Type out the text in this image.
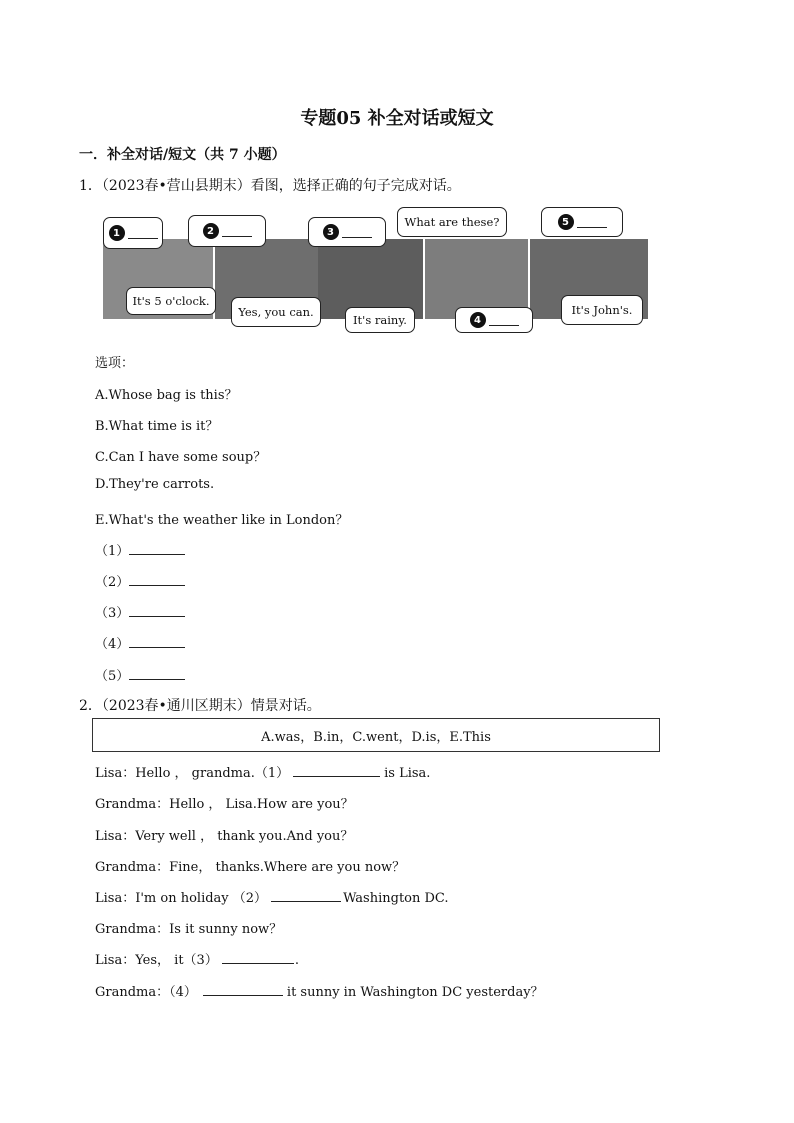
专题05 补全对话或短文
一．补全对话/短文（共 7 小题）
1．（2023春•营山县期末）看图，选择正确的句子完成对话。
1	2	3
What are these?	5
It's 5 o'clock.
Yes, you can.
It's rainy.	4
It's John's.
选项：
A.Whose bag is this？
B.What time is it？
C.Can I have some soup？
D.They're carrots.
E.What's the weather like in London？
（1）
（2）
（3）
（4）
（5）
2．（2023春•通川区期末）情景对话。
A.was，B.in，C.went，D.is，E.This
Lisa：Hello ， grandma.（1）	is Lisa.
Grandma：Hello ， Lisa.How are you？
Lisa：Very well ， thank you.And you？
Grandma：Fine， thanks.Where are you now？
Lisa：I'm on holiday （2）	Washington DC.
Grandma：Is it sunny now？
Lisa：Yes， it（3）	.
Grandma：（4）	it sunny in Washington DC yesterday？
